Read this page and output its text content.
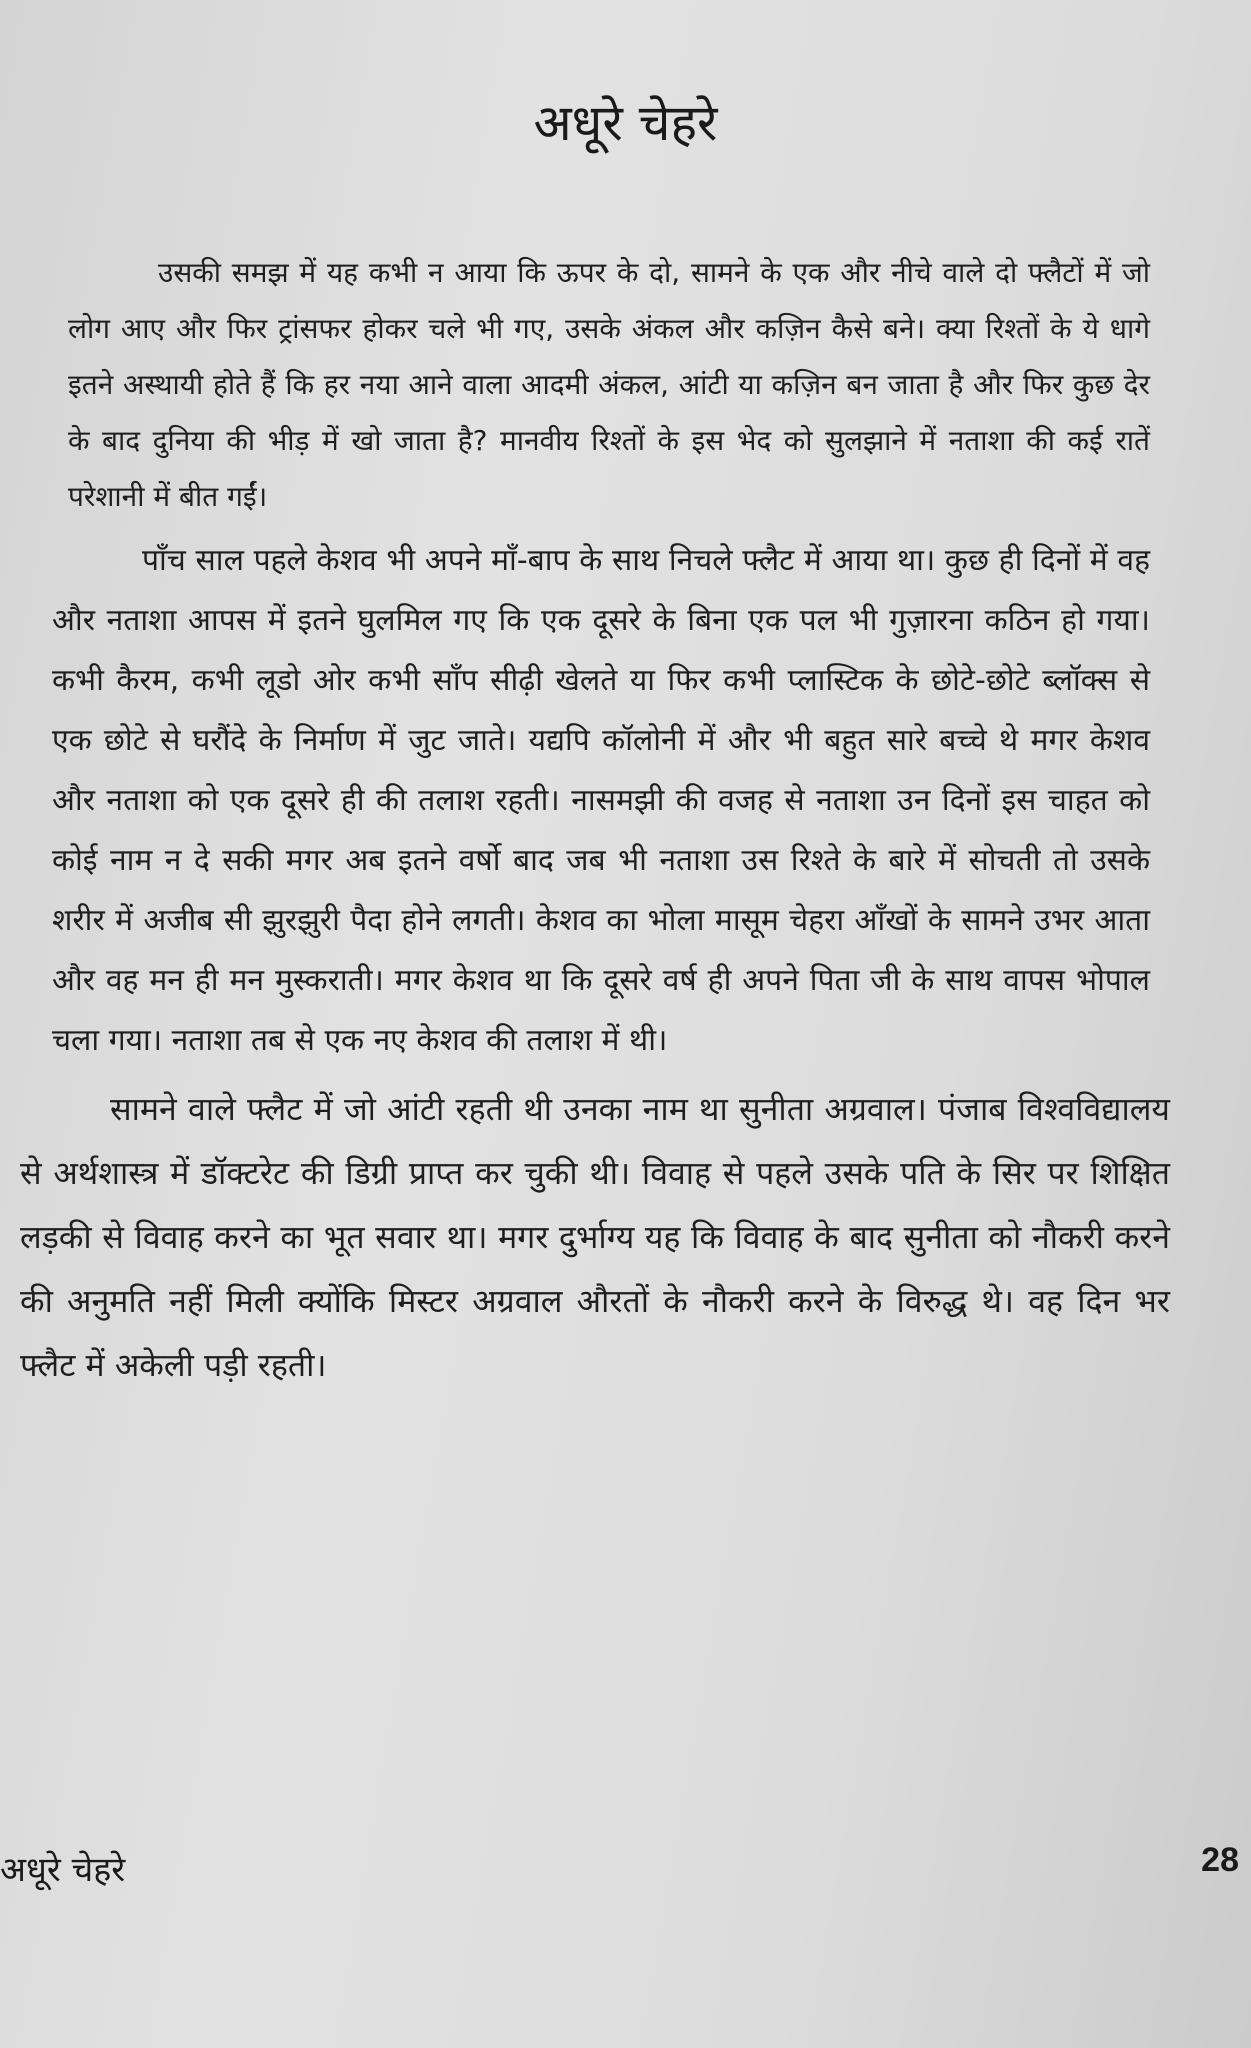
अधूरे चेहरे

उसकी समझ में यह कभी न आया कि ऊपर के दो, सामने के एक और नीचे वाले दो फ्लैटों में जो लोग आए और फिर ट्रांसफर होकर चले भी गए, उसके अंकल और कज़िन कैसे बने। क्या रिश्तों के ये धागे इतने अस्थायी होते हैं कि हर नया आने वाला आदमी अंकल, आंटी या कज़िन बन जाता है और फिर कुछ देर के बाद दुनिया की भीड़ में खो जाता है? मानवीय रिश्तों के इस भेद को सुलझाने में नताशा की कई रातें परेशानी में बीत गईं।

पाँच साल पहले केशव भी अपने माँ-बाप के साथ निचले फ्लैट में आया था। कुछ ही दिनों में वह और नताशा आपस में इतने घुलमिल गए कि एक दूसरे के बिना एक पल भी गुज़ारना कठिन हो गया। कभी कैरम, कभी लूडो ओर कभी साँप सीढ़ी खेलते या फिर कभी प्लास्टिक के छोटे-छोटे ब्लॉक्स से एक छोटे से घरौंदे के निर्माण में जुट जाते। यद्यपि कॉलोनी में और भी बहुत सारे बच्चे थे मगर केशव और नताशा को एक दूसरे ही की तलाश रहती। नासमझी की वजह से नताशा उन दिनों इस चाहत को कोई नाम न दे सकी मगर अब इतने वर्षो बाद जब भी नताशा उस रिश्ते के बारे में सोचती तो उसके शरीर में अजीब सी झुरझुरी पैदा होने लगती। केशव का भोला मासूम चेहरा आँखों के सामने उभर आता और वह मन ही मन मुस्कराती। मगर केशव था कि दूसरे वर्ष ही अपने पिता जी के साथ वापस भोपाल चला गया। नताशा तब से एक नए केशव की तलाश में थी।

सामने वाले फ्लैट में जो आंटी रहती थी उनका नाम था सुनीता अग्रवाल। पंजाब विश्वविद्यालय से अर्थशास्त्र में डॉक्टरेट की डिग्री प्राप्त कर चुकी थी। विवाह से पहले उसके पति के सिर पर शिक्षित लड़की से विवाह करने का भूत सवार था। मगर दुर्भाग्य यह कि विवाह के बाद सुनीता को नौकरी करने की अनुमति नहीं मिली क्योंकि मिस्टर अग्रवाल औरतों के नौकरी करने के विरुद्ध थे। वह दिन भर फ्लैट में अकेली पड़ी रहती।

अधूरे चेहरे	28
